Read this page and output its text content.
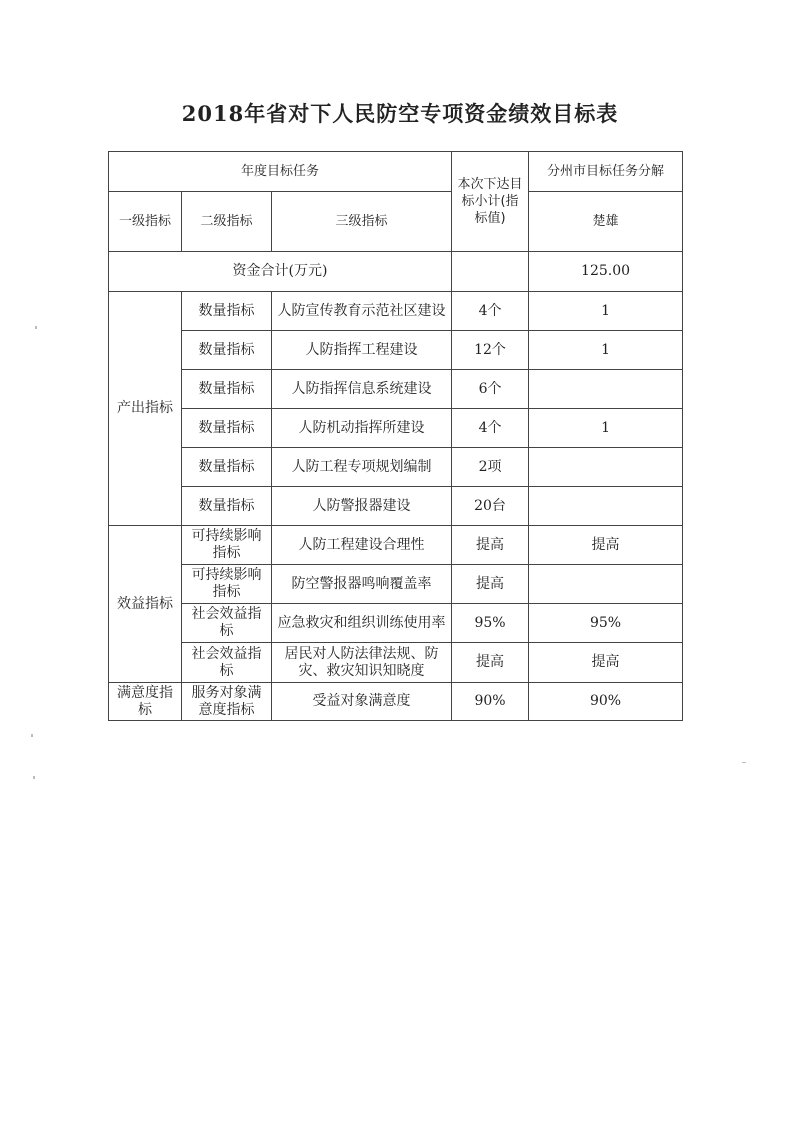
2018年省对下人民防空专项资金绩效目标表
年度目标任务			本次下达目标小计(指标值)	分州市目标任务分解
一级指标	二级指标	三级指标		楚雄
资金合计(万元)				125.00
产出指标	数量指标	人防宣传教育示范社区建设	4个	1
	数量指标	人防指挥工程建设	12个	1
	数量指标	人防指挥信息系统建设	6个	
	数量指标	人防机动指挥所建设	4个	1
	数量指标	人防工程专项规划编制	2项	
	数量指标	人防警报器建设	20台	
效益指标	可持续影响指标	人防工程建设合理性	提高	提高
	可持续影响指标	防空警报器鸣响覆盖率	提高	
	社会效益指标	应急救灾和组织训练使用率	95%	95%
	社会效益指标	居民对人防法律法规、防灾、救灾知识知晓度	提高	提高
满意度指标	服务对象满意度指标	受益对象满意度	90%	90%
